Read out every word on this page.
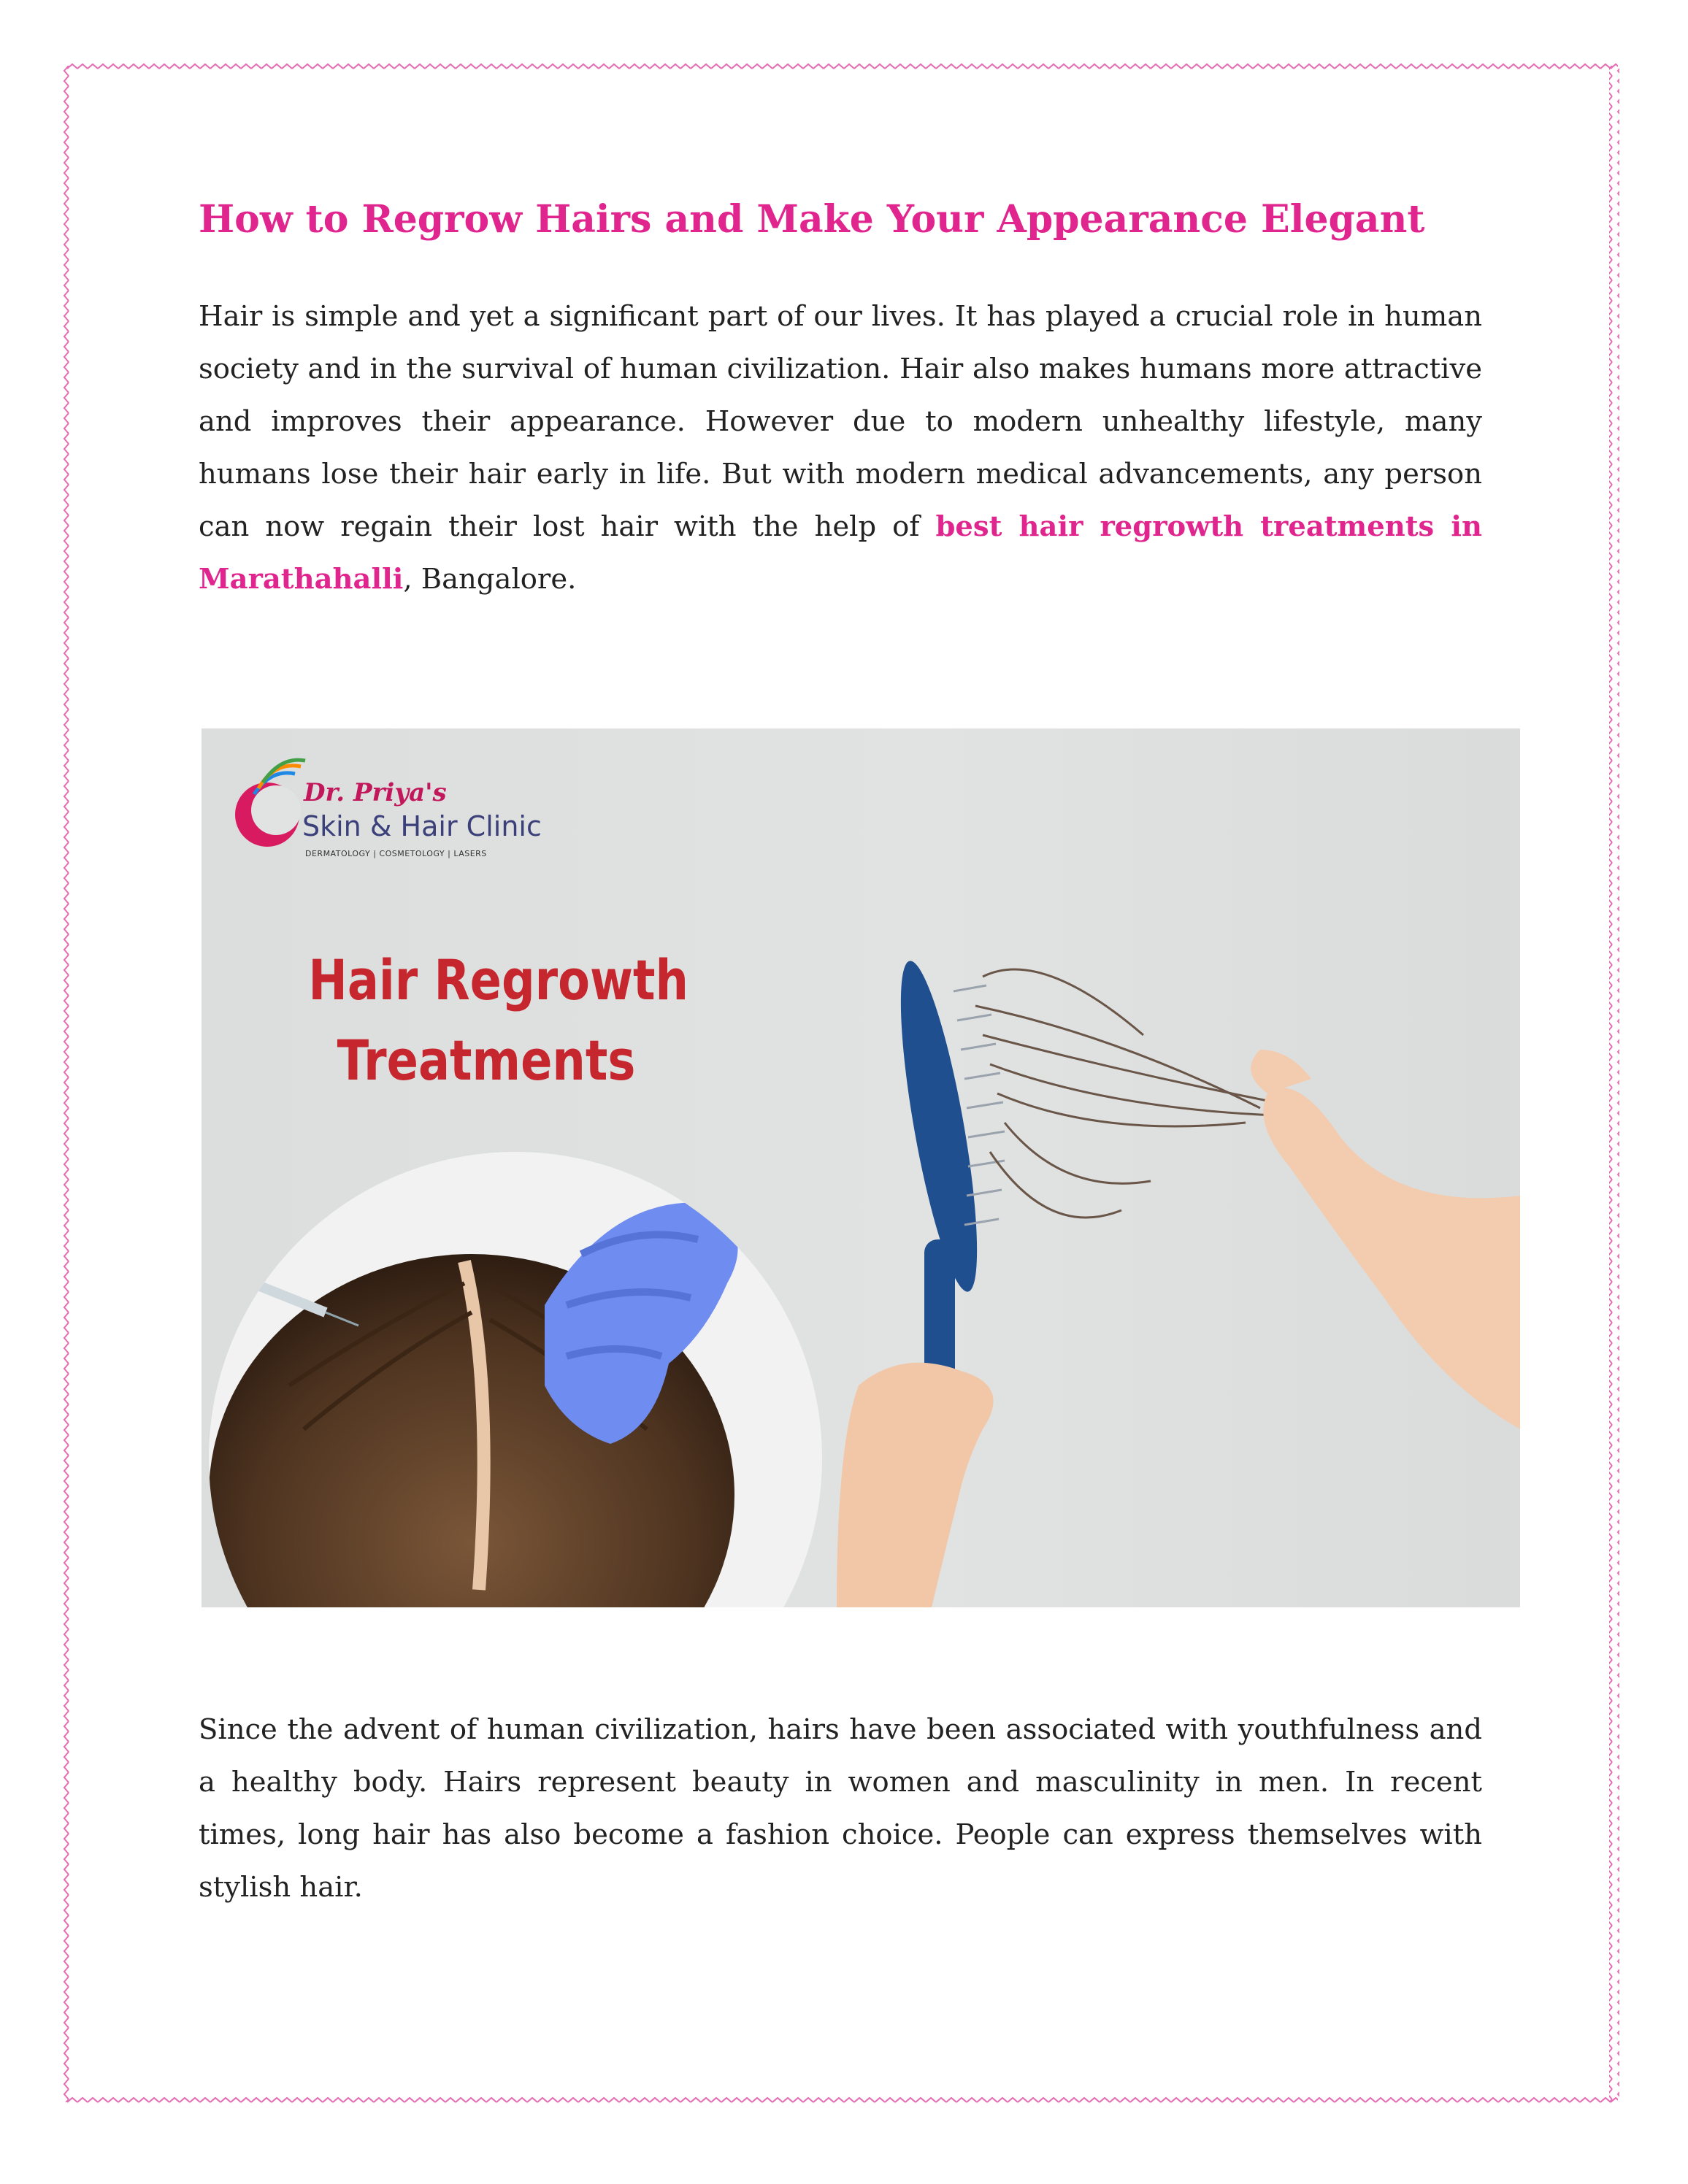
How to Regrow Hairs and Make Your Appearance Elegant

Hair is simple and yet a significant part of our lives. It has played a crucial role in human society and in the survival of human civilization. Hair also makes humans more attractive and improves their appearance. However due to modern unhealthy lifestyle, many humans lose their hair early in life. But with modern medical advancements, any person can now regain their lost hair with the help of best hair regrowth treatments in Marathahalli, Bangalore.

Dr. Priya's
Skin & Hair Clinic
DERMATOLOGY | COSMETOLOGY | LASERS
Hair Regrowth
Treatments

Since the advent of human civilization, hairs have been associated with youthfulness and a healthy body. Hairs represent beauty in women and masculinity in men. In recent times, long hair has also become a fashion choice. People can express themselves with stylish hair.
